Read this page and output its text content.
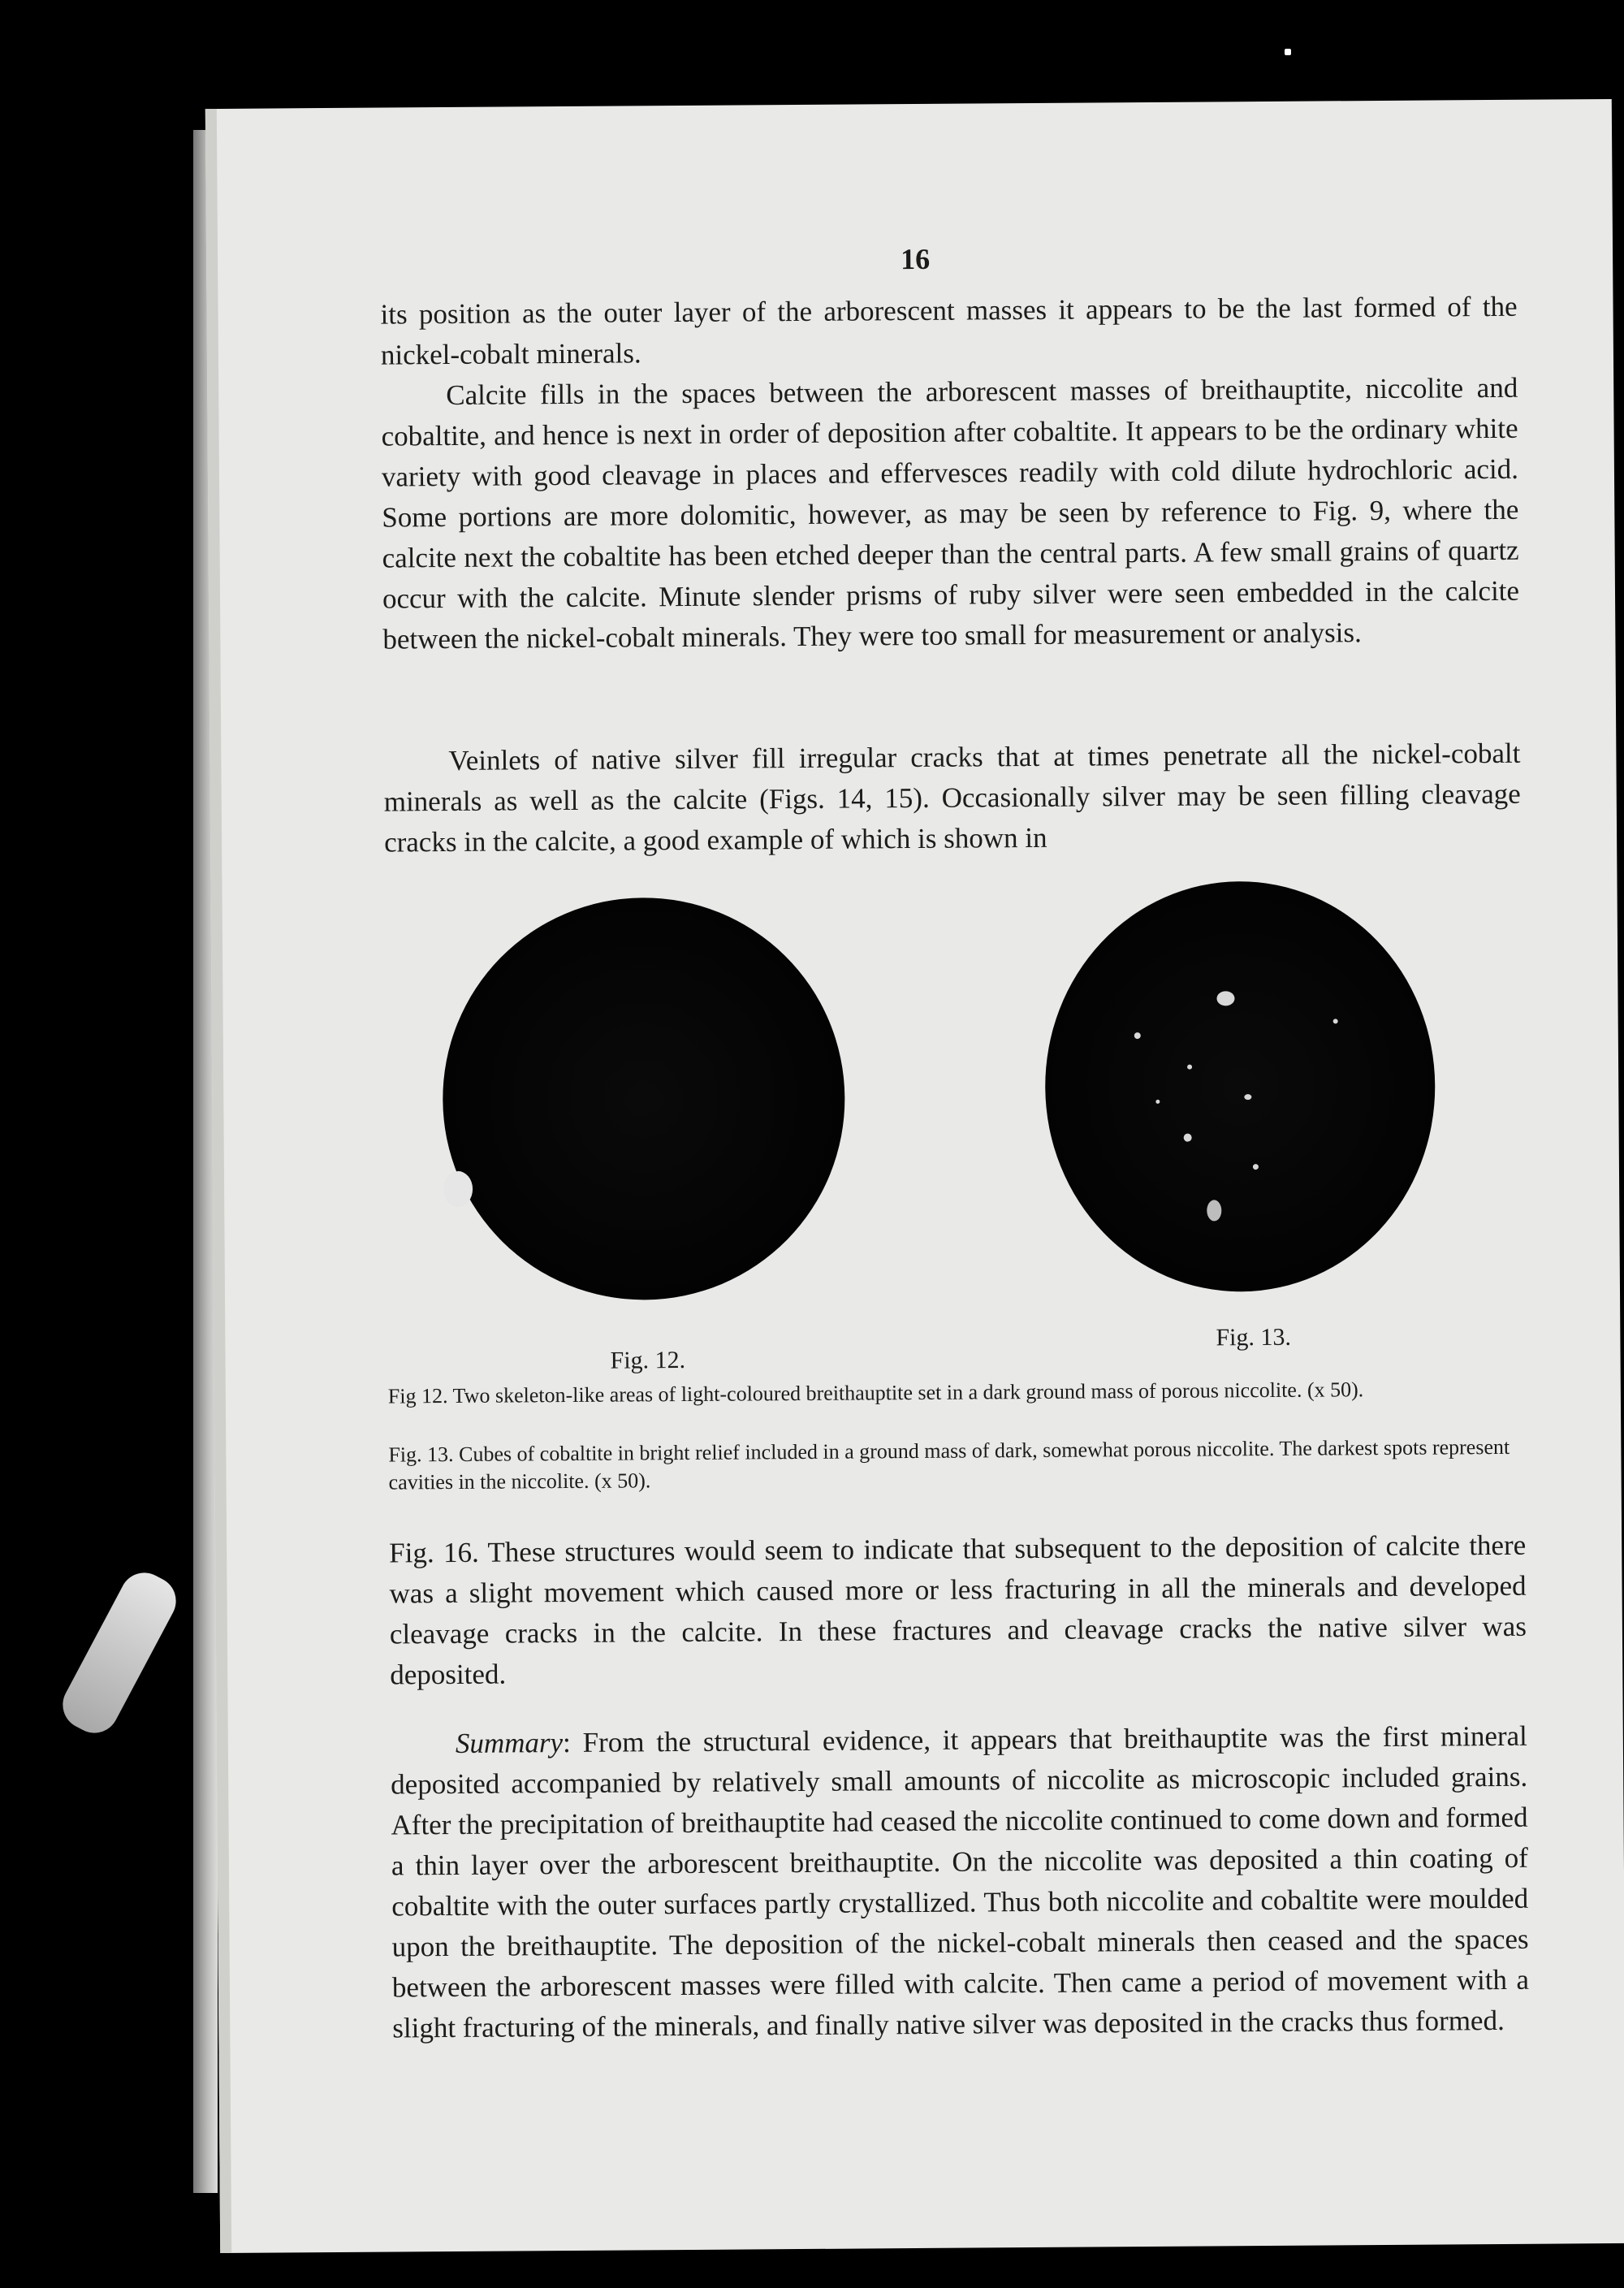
16

its position as the outer layer of the arborescent masses it appears to be the last formed of the nickel-cobalt minerals.

Calcite fills in the spaces between the arborescent masses of breithauptite, niccolite and cobaltite, and hence is next in order of deposition after cobaltite. It appears to be the ordinary white variety with good cleavage in places and effervesces readily with cold dilute hydrochloric acid. Some portions are more dolomitic, however, as may be seen by reference to Fig. 9, where the calcite next the cobaltite has been etched deeper than the central parts. A few small grains of quartz occur with the calcite. Minute slender prisms of ruby silver were seen embedded in the calcite between the nickel-cobalt minerals. They were too small for measurement or analysis.

Veinlets of native silver fill irregular cracks that at times penetrate all the nickel-cobalt minerals as well as the calcite (Figs. 14, 15). Occasionally silver may be seen filling cleavage cracks in the calcite, a good example of which is shown in

Fig. 12.
Fig. 13.

Fig 12. Two skeleton-like areas of light-coloured breithauptite set in a dark ground mass of porous niccolite. (x 50).

Fig. 13. Cubes of cobaltite in bright relief included in a ground mass of dark, somewhat porous niccolite. The darkest spots represent cavities in the niccolite. (x 50).

Fig. 16. These structures would seem to indicate that subsequent to the deposition of calcite there was a slight movement which caused more or less fracturing in all the minerals and developed cleavage cracks in the calcite. In these fractures and cleavage cracks the native silver was deposited.

Summary: From the structural evidence, it appears that breithauptite was the first mineral deposited accompanied by relatively small amounts of niccolite as microscopic included grains. After the precipitation of breithauptite had ceased the niccolite continued to come down and formed a thin layer over the arborescent breithauptite. On the niccolite was deposited a thin coating of cobaltite with the outer surfaces partly crystallized. Thus both niccolite and cobaltite were moulded upon the breithauptite. The deposition of the nickel-cobalt minerals then ceased and the spaces between the arborescent masses were filled with calcite. Then came a period of movement with a slight fracturing of the minerals, and finally native silver was deposited in the cracks thus formed.
